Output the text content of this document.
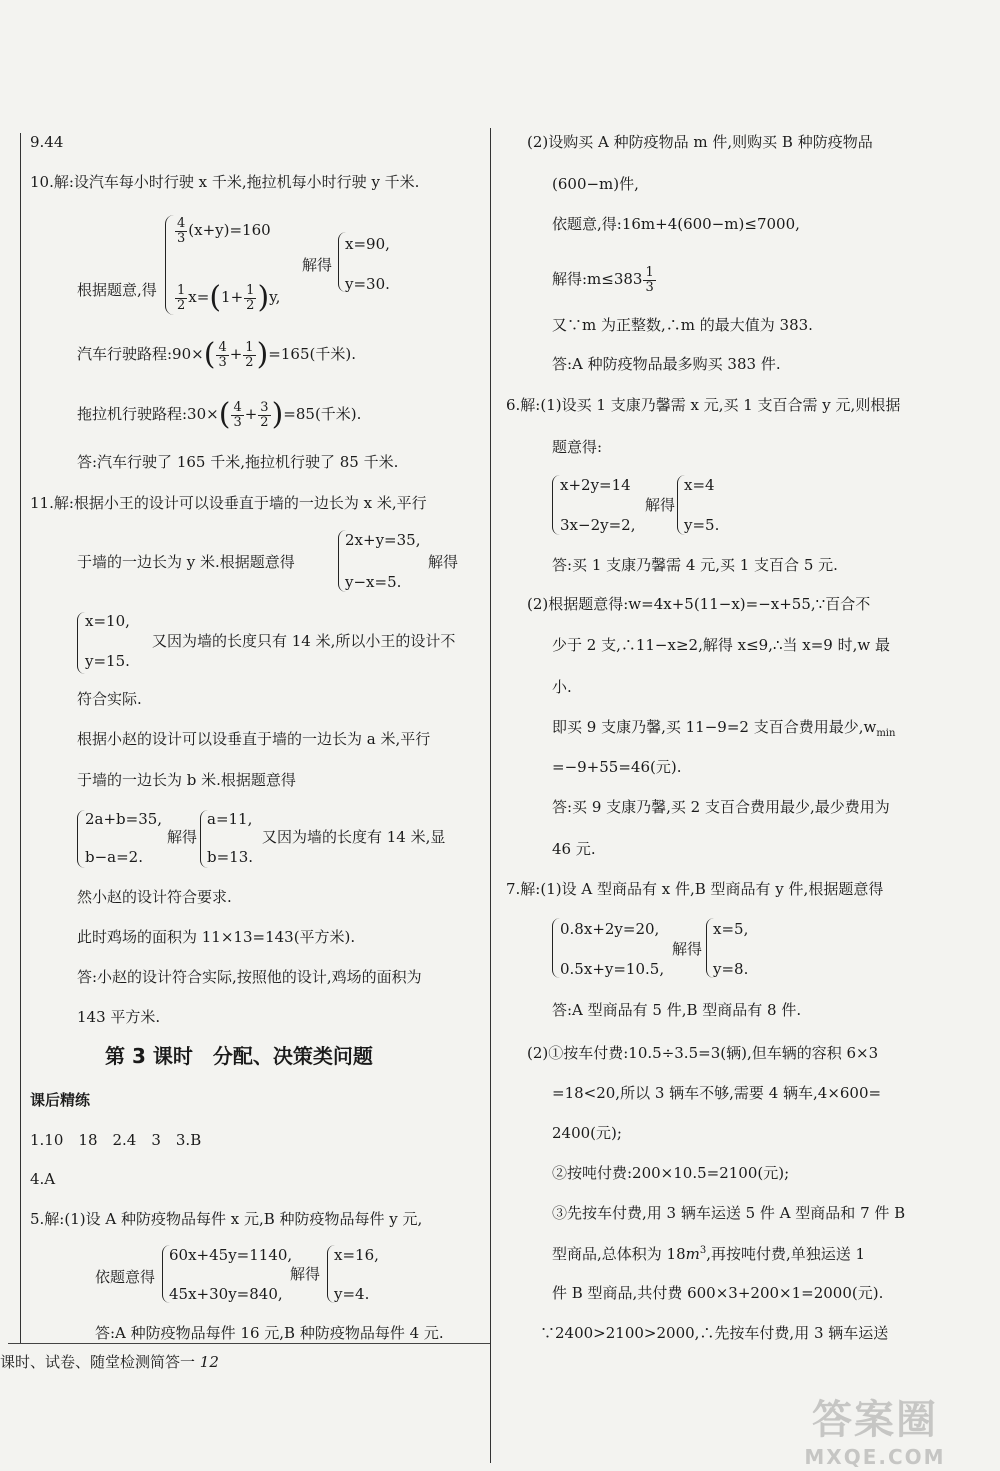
9.44
10.解:设汽车每小时行驶 x 千米,拖拉机每小时行驶 y 千米.
根据题意,得
$\frac{4}{3} (x+y)=160$
$\frac{1}{2} x=(1+ \frac{1}{2} )y$,
解得
x=90,
y=30.
汽车行驶路程:90×( $\frac{4}{3} + \frac{1}{2} )=165$(千米).
拖拉机行驶路程:30×( $\frac{4}{3} + \frac{3}{2} )=85$(千米).
答:汽车行驶了 165 千米,拖拉机行驶了 85 千米.
11.解:根据小王的设计可以设垂直于墙的一边长为 x 米,平行
于墙的一边长为 y 米.根据题意得
2x+y=35,
y−x=5.
解得
x=10,
y=15.
又因为墙的长度只有 14 米,所以小王的设计不
符合实际.
根据小赵的设计可以设垂直于墙的一边长为 a 米,平行
于墙的一边长为 b 米.根据题意得
2a+b=35,
b−a=2.
解得
a=11,
b=13.
又因为墙的长度有 14 米,显
然小赵的设计符合要求.
此时鸡场的面积为 11×13=143(平方米).
答:小赵的设计符合实际,按照他的设计,鸡场的面积为
143 平方米.
第 3 课时　分配、决策类问题
课后精练
1.10　18　2.4　3　3.B
4.A
5.解:(1)设 A 种防疫物品每件 x 元,B 种防疫物品每件 y 元,
依题意得
60x+45y=1140,
45x+30y=840,
解得
x=16,
y=4.
答:A 种防疫物品每件 16 元,B 种防疫物品每件 4 元.
课时、试卷、随堂检测简答一 12
(2)设购买 A 种防疫物品 m 件,则购买 B 种防疫物品
(600−m)件,
依题意,得:16m+4(600−m)≤7000,
解得:m≤383 $\frac{1}{3}$
又∵m 为正整数,∴m 的最大值为 383.
答:A 种防疫物品最多购买 383 件.
6.解:(1)设买 1 支康乃馨需 x 元,买 1 支百合需 y 元,则根据
题意得:
x+2y=14
3x−2y=2,
解得
x=4
y=5.
答:买 1 支康乃馨需 4 元,买 1 支百合 5 元.
(2)根据题意得:w=4x+5(11−x)=−x+55,∵百合不
少于 2 支,∴11−x≥2,解得 x≤9,∴当 x=9 时,w 最
小.
即买 9 支康乃馨,买 11−9=2 支百合费用最少$,w_{min}$
=−9+55=46(元).
答:买 9 支康乃馨,买 2 支百合费用最少,最少费用为
46 元.
7.解:(1)设 A 型商品有 x 件,B 型商品有 y 件,根据题意得
0.8x+2y=20,
0.5x+y=10.5,
解得
x=5,
y=8.
答:A 型商品有 5 件,B 型商品有 8 件.
(2)①按车付费:10.5÷3.5=3(辆),但车辆的容积 6×3
=18<20,所以 3 辆车不够,需要 4 辆车,4×600=
2400(元);
②按吨付费:200×10.5=2100(元);
③先按车付费,用 3 辆车运送 5 件 A 型商品和 7 件 B
型商品,总体积为 $18m^3$,再按吨付费,单独运送 1
件 B 型商品,共付费 600×3+200×1=2000(元).
∵2400>2100>2000,∴先按车付费,用 3 辆车运送
答案圈
MXQE.COM
